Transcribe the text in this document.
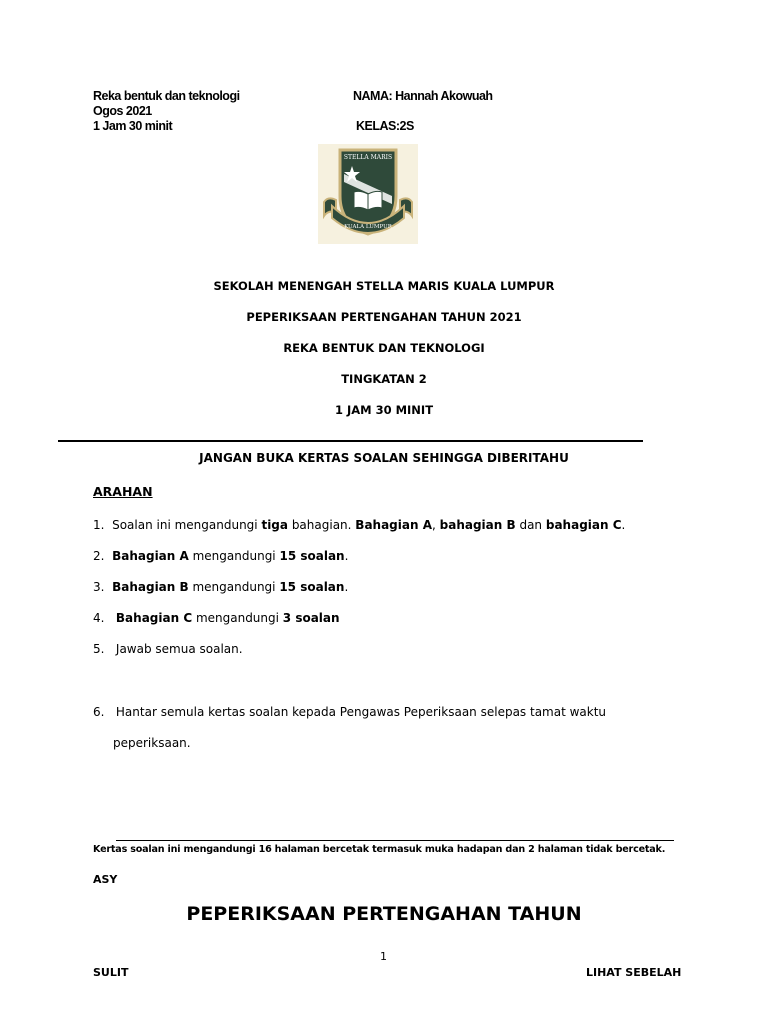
Reka bentuk dan teknologi
Ogos 2021
1 Jam 30 minit
NAMA: Hannah Akowuah
KELAS:2S
STELLA MARIS
KUALA LUMPUR
SEKOLAH MENENGAH STELLA MARIS KUALA LUMPUR
PEPERIKSAAN PERTENGAHAN TAHUN 2021
REKA BENTUK DAN TEKNOLOGI
TINGKATAN 2
1 JAM 30 MINIT
JANGAN BUKA KERTAS SOALAN SEHINGGA DIBERITAHU
ARAHAN
1. Soalan ini mengandungi tiga bahagian. Bahagian A, bahagian B dan bahagian C.
2. Bahagian A mengandungi 15 soalan.
3. Bahagian B mengandungi 15 soalan.
4. Bahagian C mengandungi 3 soalan
5. Jawab semua soalan.
6. Hantar semula kertas soalan kepada Pengawas Peperiksaan selepas tamat waktu
peperiksaan.
Kertas soalan ini mengandungi 16 halaman bercetak termasuk muka hadapan dan 2 halaman tidak bercetak.
ASY
PEPERIKSAAN PERTENGAHAN TAHUN
1
SULIT	LIHAT SEBELAH
